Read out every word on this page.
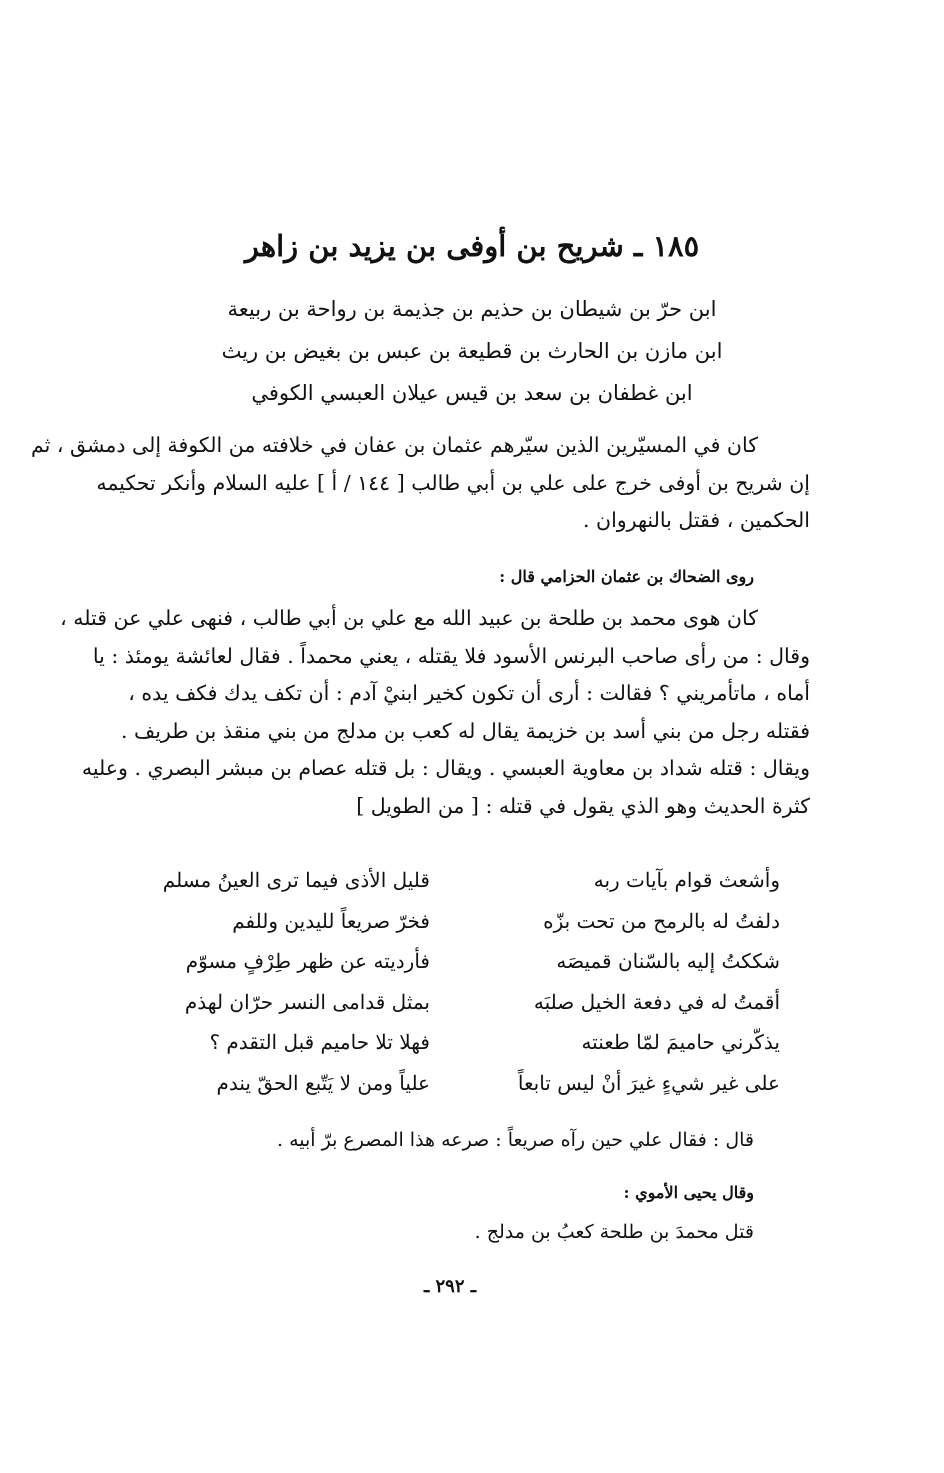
١٨٥ ـ شريح بن أوفى بن يزيد بن زاهر
ابن حرّ بن شيطان بن حذيم بن جذيمة بن رواحة بن ربيعة
ابن مازن بن الحارث بن قطيعة بن عبس بن بغيض بن ريث
ابن غطفان بن سعد بن قيس عيلان العبسي الكوفي
كان في المسيّرين الذين سيّرهم عثمان بن عفان في خلافته من الكوفة إلى دمشق ، ثم
إن شريح بن أوفى خرج على علي بن أبي طالب [ ١٤٤ / أ ] عليه السلام وأنكر تحكيمه
الحكمين ، فقتل بالنهروان .
روى الضحاك بن عثمان الحزامي قال :
كان هوى محمد بن طلحة بن عبيد الله مع علي بن أبي طالب ، فنهى علي عن قتله ،
وقال : من رأى صاحب البرنس الأسود فلا يقتله ، يعني محمداً . فقال لعائشة يومئذ : يا
أماه ، ماتأمريني ؟ فقالت : أرى أن تكون كخير ابنيْ آدم : أن تكف يدك فكف يده ،
فقتله رجل من بني أسد بن خزيمة يقال له كعب بن مدلج من بني منقذ بن طريف .
ويقال : قتله شداد بن معاوية العبسي . ويقال : بل قتله عصام بن مبشر البصري . وعليه
كثرة الحديث وهو الذي يقول في قتله : [ من الطويل ]
وأشعث قوام بآيات ربه
قليل الأذى فيما ترى العينُ مسلم
دلفتُ له بالرمح من تحت بزّه
فخرّ صريعاً لليدين وللفم
شككتُ إليه بالسّنان قميصَه
فأرديته عن ظهر طِرْفٍ مسوّم
أقمتُ له في دفعة الخيل صلبَه
بمثل قدامى النسر حرّان لهذم
يذكّرني حاميمَ لمّا طعنته
فهلا تلا حاميم قبل التقدم ؟
على غير شيءٍ غيرَ أنْ ليس تابعاً
علياً ومن لا يَتّبع الحقّ يندم
قال : فقال علي حين رآه صريعاً : صرعه هذا المصرع برّ أبيه .
وقال يحيى الأموي :
قتل محمدَ بن طلحة كعبُ بن مدلج .
ـ ٢٩٢ ـ
